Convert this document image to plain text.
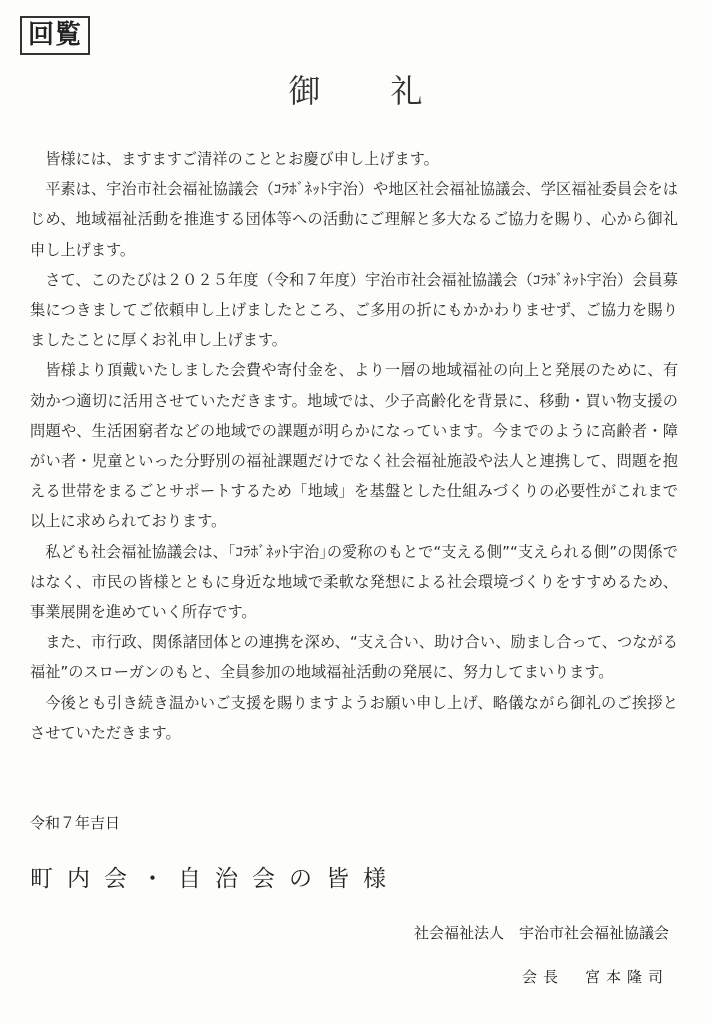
回覧
御礼

皆様には、ますますご清祥のこととお慶び申し上げます。

平素は、宇治市社会福祉協議会（ｺﾗﾎﾞﾈｯﾄ宇治）や地区社会福祉協議会、学区福祉委員会をはじめ、地域福祉活動を推進する団体等への活動にご理解と多大なるご協力を賜り、心から御礼申し上げます。

さて、このたびは２０２５年度（令和７年度）宇治市社会福祉協議会（ｺﾗﾎﾞﾈｯﾄ宇治）会員募集につきましてご依頼申し上げましたところ、ご多用の折にもかかわりませず、ご協力を賜りましたことに厚くお礼申し上げます。

皆様より頂戴いたしました会費や寄付金を、より一層の地域福祉の向上と発展のために、有効かつ適切に活用させていただきます。地域では、少子高齢化を背景に、移動・買い物支援の問題や、生活困窮者などの地域での課題が明らかになっています。今までのように高齢者・障がい者・児童といった分野別の福祉課題だけでなく社会福祉施設や法人と連携して、問題を抱える世帯をまるごとサポートするため「地域」を基盤とした仕組みづくりの必要性がこれまで以上に求められております。

私ども社会福祉協議会は、｢ｺﾗﾎﾞﾈｯﾄ宇治｣の愛称のもとで“支える側”“支えられる側”の関係ではなく、市民の皆様とともに身近な地域で柔軟な発想による社会環境づくりをすすめるため、事業展開を進めていく所存です。

また、市行政、関係諸団体との連携を深め、“支え合い、助け合い、励まし合って、つながる福祉”のスローガンのもと、全員参加の地域福祉活動の発展に、努力してまいります。

今後とも引き続き温かいご支援を賜りますようお願い申し上げ、略儀ながら御礼のご挨拶とさせていただきます。

令和７年吉日
町内会・自治会の皆様
社会福祉法人　宇治市社会福祉協議会
会長　宮本隆司
